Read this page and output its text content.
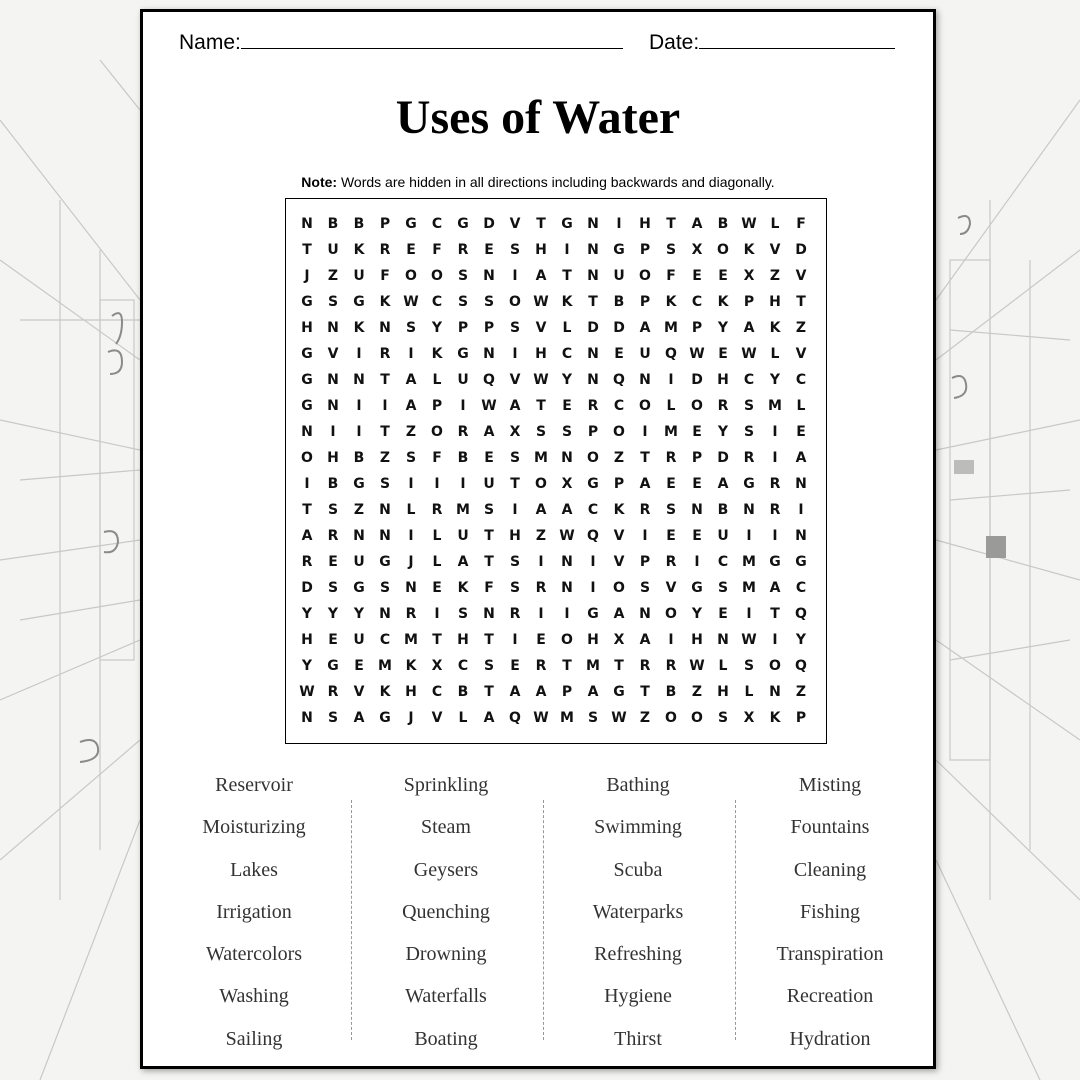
Name:	Date:
Uses of Water
Note: Words are hidden in all directions including backwards and diagonally.
N	B	B	P	G	C	G	D	V	T	G	N	I	H	T	A	B W L	F
T	U	K	R	E	F	R	E	S	H	I	N	G	P	S	X	O	K	V	D
J	Z	U	F	O	O	S	N	I	A	T	N	U	O	F	E	E	X	Z	V
G	S	G	K W C	S	S	O W K	T	B	P	K	C	K	P	H	T
H	N	K	N	S	Y	P	P	S	V	L	D	D	A M P	Y	A	K	Z
G	V	I	R	I	K	G	N	I	H	C	N	E	U	Q W E W L	V
G	N	N	T	A	L	U	Q	V W Y	N	Q	N	I	D	H	C	Y	C
G	N	I	I	A	P	I	W A	T	E	R	C	O	L	O	R	S M	L
N	I	I	T	Z	O	R	A	X	S	S	P	O	I	M	E	Y	S	I	E
O	H	B	Z	S	F	B	E	S M N	O	Z	T	R	P	D	R	I	A
I	B	G	S	I	I	I	U	T	O	X	G	P	A	E	E	A	G	R	N
T	S	Z	N	L	R M S	I	A	A	C	K	R	S	N	B	N	R	I
A	R	N	N	I	L	U	T	H	Z W Q	V	I	E	E	U	I	I	N
R	E	U	G	J	L	A	T	S	I	N	I	V	P	R	I	C M G	G
D	S	G	S	N	E	K	F	S	R	N	I	O	S	V	G	S M A	C
Y	Y	Y	N	R	I	S	N	R	I	I	G	A	N	O	Y	E	I	T	Q
H	E	U	C M	T	H	T	I	E	O	H	X	A	I	H	N W	I	Y
Y	G	E	M K	X	C	S	E	R	T	M	T	R	R W L	S	O	Q
W R	V	K	H	C	B	T	A	A	P	A	G	T	B	Z	H	L	N	Z
N	S	A	G	J	V	L	A	Q W M S W Z	O	O	S	X	K	P
Reservoir
Moisturizing
Lakes
Irrigation
Watercolors
Washing
Sailing
Sprinkling
Steam
Geysers
Quenching
Drowning
Waterfalls
Boating
Bathing
Swimming
Scuba
Waterparks
Refreshing
Hygiene
Thirst
Misting
Fountains
Cleaning
Fishing
Transpiration
Recreation
Hydration
